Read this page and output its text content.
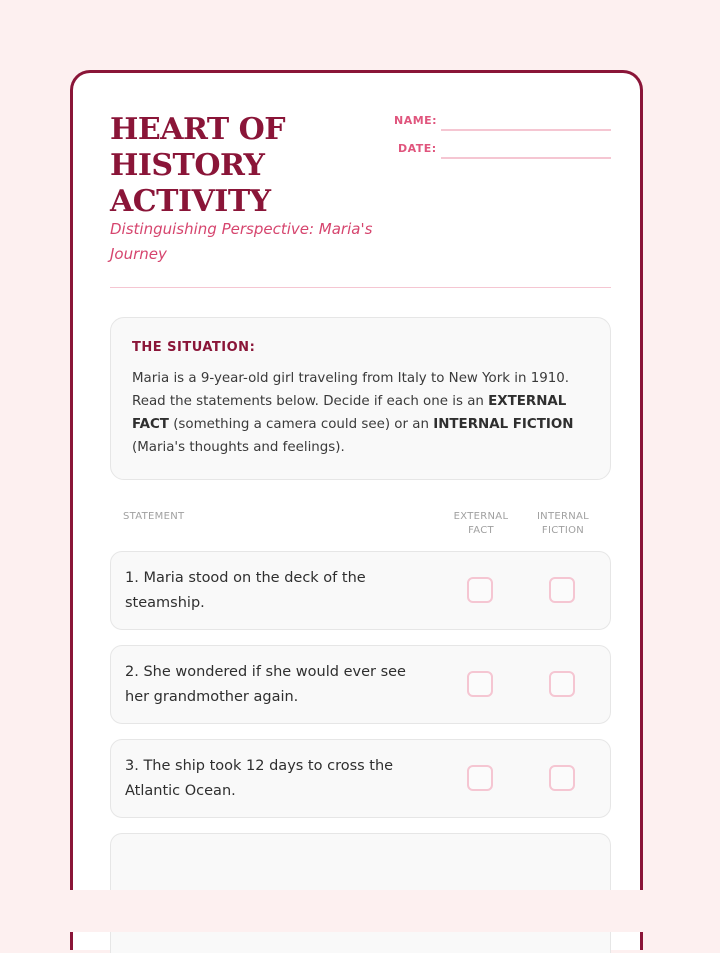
HEART OF HISTORY ACTIVITY
Distinguishing Perspective: Maria's Journey
NAME:
DATE:
THE SITUATION:
Maria is a 9-year-old girl traveling from Italy to New York in 1910. Read the statements below. Decide if each one is an EXTERNAL FACT (something a camera could see) or an INTERNAL FICTION (Maria's thoughts and feelings).
STATEMENT	EXTERNAL FACT
INTERNAL FICTION
1. Maria stood on the deck of the steamship.
2. She wondered if she would ever see her grandmother again.
3. The ship took 12 days to cross the Atlantic Ocean.
